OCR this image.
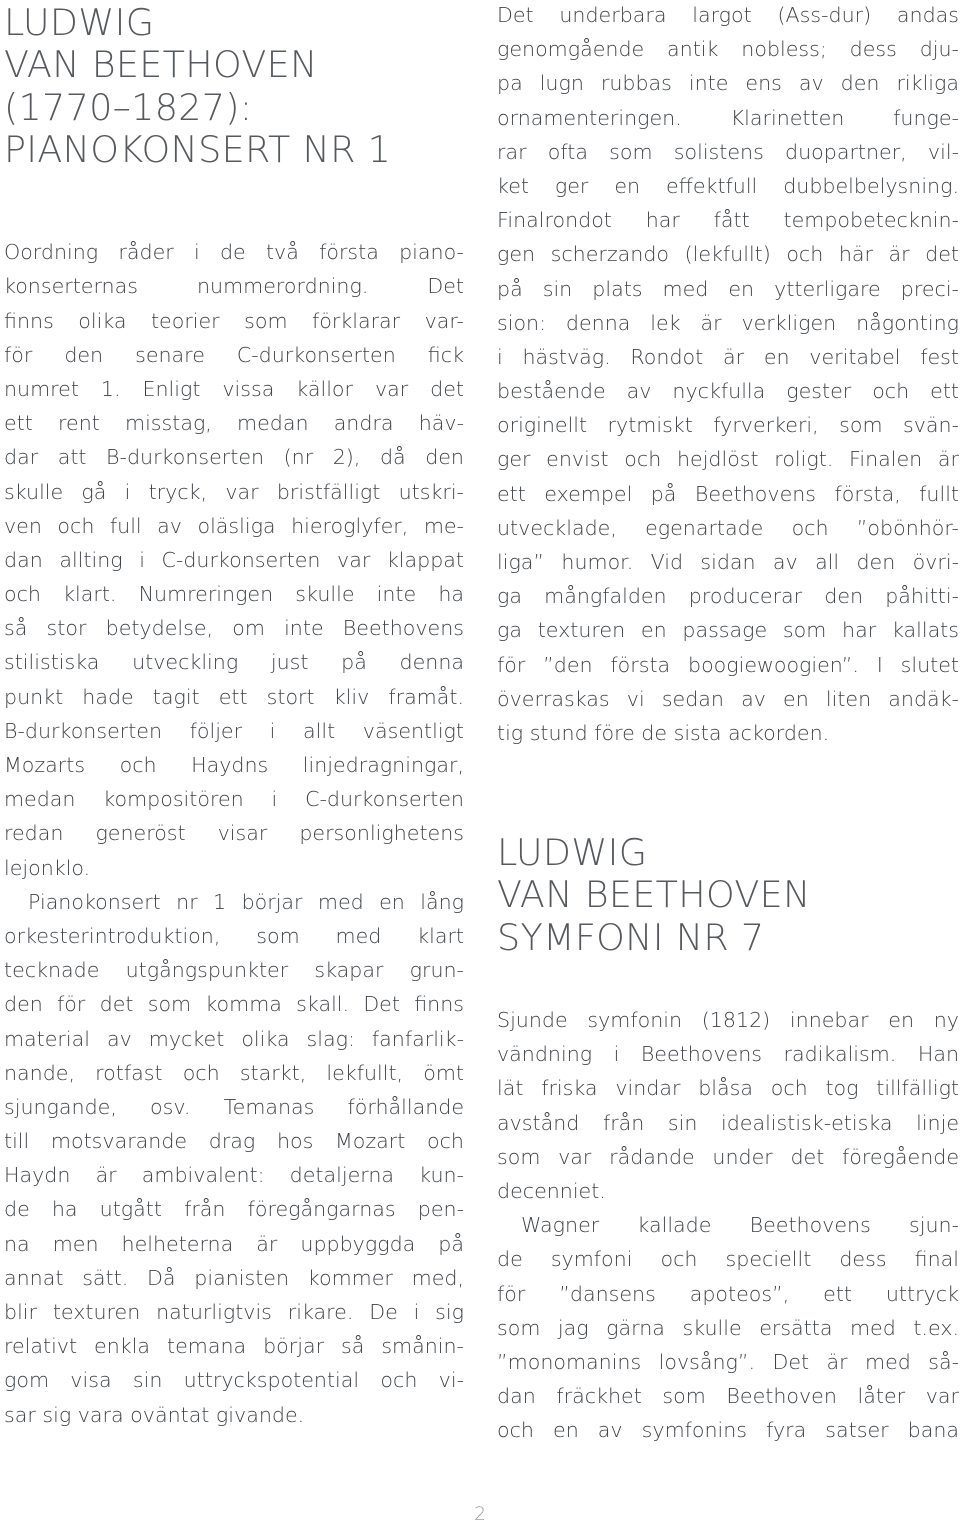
LUDWIG
VAN BEETHOVEN
(1770–1827):
PIANOKONSERT NR 1
Oordning råder i de två första piano-
konserternas nummerordning. Det
finns olika teorier som förklarar var-
för den senare C-durkonserten fick
numret 1. Enligt vissa källor var det
ett rent misstag, medan andra häv-
dar att B-durkonserten (nr 2), då den
skulle gå i tryck, var bristfälligt utskri-
ven och full av oläsliga hieroglyfer, me-
dan allting i C-durkonserten var klappat
och klart. Numreringen skulle inte ha
så stor betydelse, om inte Beethovens
stilistiska utveckling just på denna
punkt hade tagit ett stort kliv framåt.
B-durkonserten följer i allt väsentligt
Mozarts och Haydns linjedragningar,
medan kompositören i C-durkonserten
redan generöst visar personlighetens
lejonklo.
Pianokonsert nr 1 börjar med en lång
orkesterintroduktion, som med klart
tecknade utgångspunkter skapar grun-
den för det som komma skall. Det finns
material av mycket olika slag: fanfarlik-
nande, rotfast och starkt, lekfullt, ömt
sjungande, osv. Temanas förhållande
till motsvarande drag hos Mozart och
Haydn är ambivalent: detaljerna kun-
de ha utgått från föregångarnas pen-
na men helheterna är uppbyggda på
annat sätt. Då pianisten kommer med,
blir texturen naturligtvis rikare. De i sig
relativt enkla temana börjar så smånin-
gom visa sin uttryckspotential och vi-
sar sig vara oväntat givande.
Det underbara largot (Ass-dur) andas
genomgående antik nobless; dess dju-
pa lugn rubbas inte ens av den rikliga
ornamenteringen. Klarinetten funge-
rar ofta som solistens duopartner, vil-
ket ger en effektfull dubbelbelysning.
Finalrondot har fått tempobetecknin-
gen scherzando (lekfullt) och här är det
på sin plats med en ytterligare preci-
sion: denna lek är verkligen någonting
i hästväg. Rondot är en veritabel fest
bestående av nyckfulla gester och ett
originellt rytmiskt fyrverkeri, som svän-
ger envist och hejdlöst roligt. Finalen är
ett exempel på Beethovens första, fullt
utvecklade, egenartade och ”obönhör-
liga” humor. Vid sidan av all den övri-
ga mångfalden producerar den påhitti-
ga texturen en passage som har kallats
för ”den första boogiewoogien”. I slutet
överraskas vi sedan av en liten andäk-
tig stund före de sista ackorden.
LUDWIG
VAN BEETHOVEN
SYMFONI NR 7
Sjunde symfonin (1812) innebar en ny
vändning i Beethovens radikalism. Han
lät friska vindar blåsa och tog tillfälligt
avstånd från sin idealistisk-etiska linje
som var rådande under det föregående
decenniet.
Wagner kallade Beethovens sjun-
de symfoni och speciellt dess final
för ”dansens apoteos”, ett uttryck
som jag gärna skulle ersätta med t.ex.
”monomanins lovsång”. Det är med så-
dan fräckhet som Beethoven låter var
och en av symfonins fyra satser bana
2
